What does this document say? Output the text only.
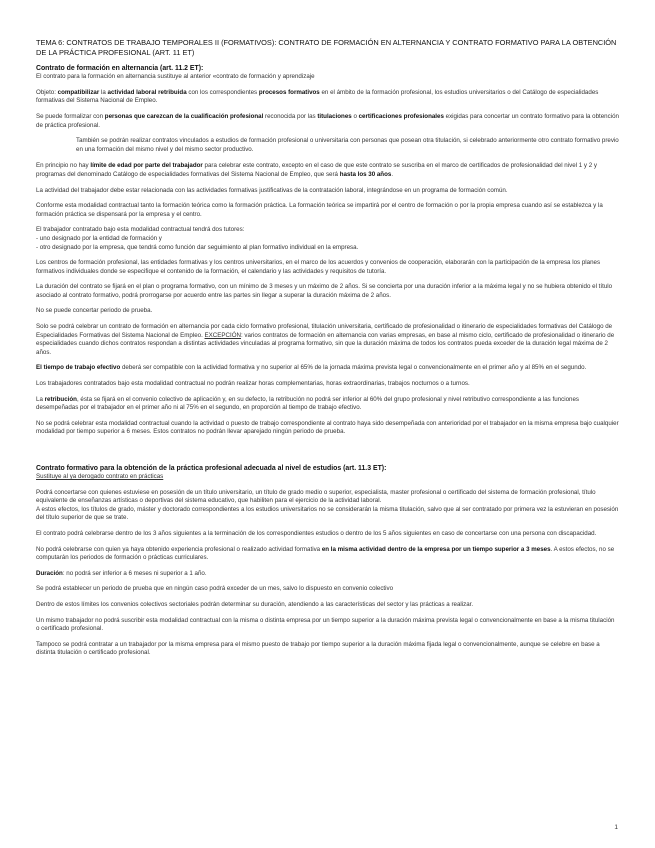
TEMA 6: CONTRATOS DE TRABAJO TEMPORALES II (FORMATIVOS): CONTRATO DE FORMACIÓN EN ALTERNANCIA Y CONTRATO FORMATIVO PARA LA OBTENCIÓN DE LA PRÁCTICA PROFESIONAL (ART. 11 ET)

Contrato de formación en alternancia (art. 11.2 ET):

El contrato para la formación en alternancia sustituye al anterior «contrato de formación y aprendizaje

Objeto: compatibilizar la actividad laboral retribuida con los correspondientes procesos formativos en el ámbito de la formación profesional, los estudios universitarios o del Catálogo de especialidades formativas del Sistema Nacional de Empleo.

Se puede formalizar con personas que carezcan de la cualificación profesional reconocida por las titulaciones o certificaciones profesionales exigidas para concertar un contrato formativo para la obtención de práctica profesional.

También se podrán realizar contratos vinculados a estudios de formación profesional o universitaria con personas que posean otra titulación, si celebrado anteriormente otro contrato formativo previo en una formación del mismo nivel y del mismo sector productivo.

En principio no hay límite de edad por parte del trabajador para celebrar este contrato, excepto en el caso de que este contrato se suscriba en el marco de certificados de profesionalidad del nivel 1 y 2 y programas del denominado Catálogo de especialidades formativas del Sistema Nacional de Empleo, que será hasta los 30 años.

La actividad del trabajador debe estar relacionada con las actividades formativas justificativas de la contratación laboral, integrándose en un programa de formación común.

Conforme esta modalidad contractual tanto la formación teórica como la formación práctica. La formación teórica se impartirá por el centro de formación o por la propia empresa cuando así se establezca y la formación práctica se dispensará por la empresa y el centro.

El trabajador contratado bajo esta modalidad contractual tendrá dos tutores:
- uno designado por la entidad de formación y
- otro designado por la empresa, que tendrá como función dar seguimiento al plan formativo individual en la empresa.

Los centros de formación profesional, las entidades formativas y los centros universitarios, en el marco de los acuerdos y convenios de cooperación, elaborarán con la participación de la empresa los planes formativos individuales donde se especifique el contenido de la formación, el calendario y las actividades y requisitos de tutoría.

La duración del contrato se fijará en el plan o programa formativo, con un mínimo de 3 meses y un máximo de 2 años. Si se concierta por una duración inferior a la máxima legal y no se hubiera obtenido el título asociado al contrato formativo, podrá prorrogarse por acuerdo entre las partes sin llegar a superar la duración máxima de 2 años.

No se puede concertar periodo de prueba.

Solo se podrá celebrar un contrato de formación en alternancia por cada ciclo formativo profesional, titulación universitaria, certificado de profesionalidad o itinerario de especialidades formativas del Catálogo de Especialidades Formativas del Sistema Nacional de Empleo. EXCEPCIÓN: varios contratos de formación en alternancia con varias empresas, en base al mismo ciclo, certificado de profesionalidad o itinerario de especialidades cuando dichos contratos respondan a distintas actividades vinculadas al programa formativo, sin que la duración máxima de todos los contratos pueda exceder de la duración legal máxima de 2 años.

El tiempo de trabajo efectivo deberá ser compatible con la actividad formativa y no superior al 65% de la jornada máxima prevista legal o convencionalmente en el primer año y al 85% en el segundo.

Los trabajadores contratados bajo esta modalidad contractual no podrán realizar horas complementarias, horas extraordinarias, trabajos nocturnos o a turnos.

La retribución, ésta se fijará en el convenio colectivo de aplicación y, en su defecto, la retribución no podrá ser inferior al 60% del grupo profesional y nivel retributivo correspondiente a las funciones desempeñadas por el trabajador en el primer año ni al 75% en el segundo, en proporción al tiempo de trabajo efectivo.

No se podrá celebrar esta modalidad contractual cuando la actividad o puesto de trabajo correspondiente al contrato haya sido desempeñada con anterioridad por el trabajador en la misma empresa bajo cualquier modalidad por tiempo superior a 6 meses. Estos contratos no podrán llevar aparejado ningún periodo de prueba.

Contrato formativo para la obtención de la práctica profesional adecuada al nivel de estudios (art. 11.3 ET):

Sustituye al ya derogado contrato en prácticas

Podrá concertarse con quienes estuviese en posesión de un título universitario, un título de grado medio o superior, especialista, master profesional o certificado del sistema de formación profesional, título equivalente de enseñanzas artísticas o deportivas del sistema educativo, que habiliten para el ejercicio de la actividad laboral.
A estos efectos, los títulos de grado, máster y doctorado correspondientes a los estudios universitarios no se considerarán la misma titulación, salvo que al ser contratado por primera vez la estuvieran en posesión del título superior de que se trate.

El contrato podrá celebrarse dentro de los 3 años siguientes a la terminación de los correspondientes estudios o dentro de los 5 años siguientes en caso de concertarse con una persona con discapacidad.

No podrá celebrarse con quien ya haya obtenido experiencia profesional o realizado actividad formativa en la misma actividad dentro de la empresa por un tiempo superior a 3 meses. A estos efectos, no se computarán los periodos de formación o prácticas curriculares.

Duración: no podrá ser inferior a 6 meses ni superior a 1 año.

Se podrá establecer un periodo de prueba que en ningún caso podrá exceder de un mes, salvo lo dispuesto en convenio colectivo

Dentro de estos límites los convenios colectivos sectoriales podrán determinar su duración, atendiendo a las características del sector y las prácticas a realizar.

Un mismo trabajador no podrá suscribir esta modalidad contractual con la misma o distinta empresa por un tiempo superior a la duración máxima prevista legal o convencionalmente en base a la misma titulación o certificado profesional.

Tampoco se podrá contratar a un trabajador por la misma empresa para el mismo puesto de trabajo por tiempo superior a la duración máxima fijada legal o convencionalmente, aunque se celebre en base a distinta titulación o certificado profesional.

1
